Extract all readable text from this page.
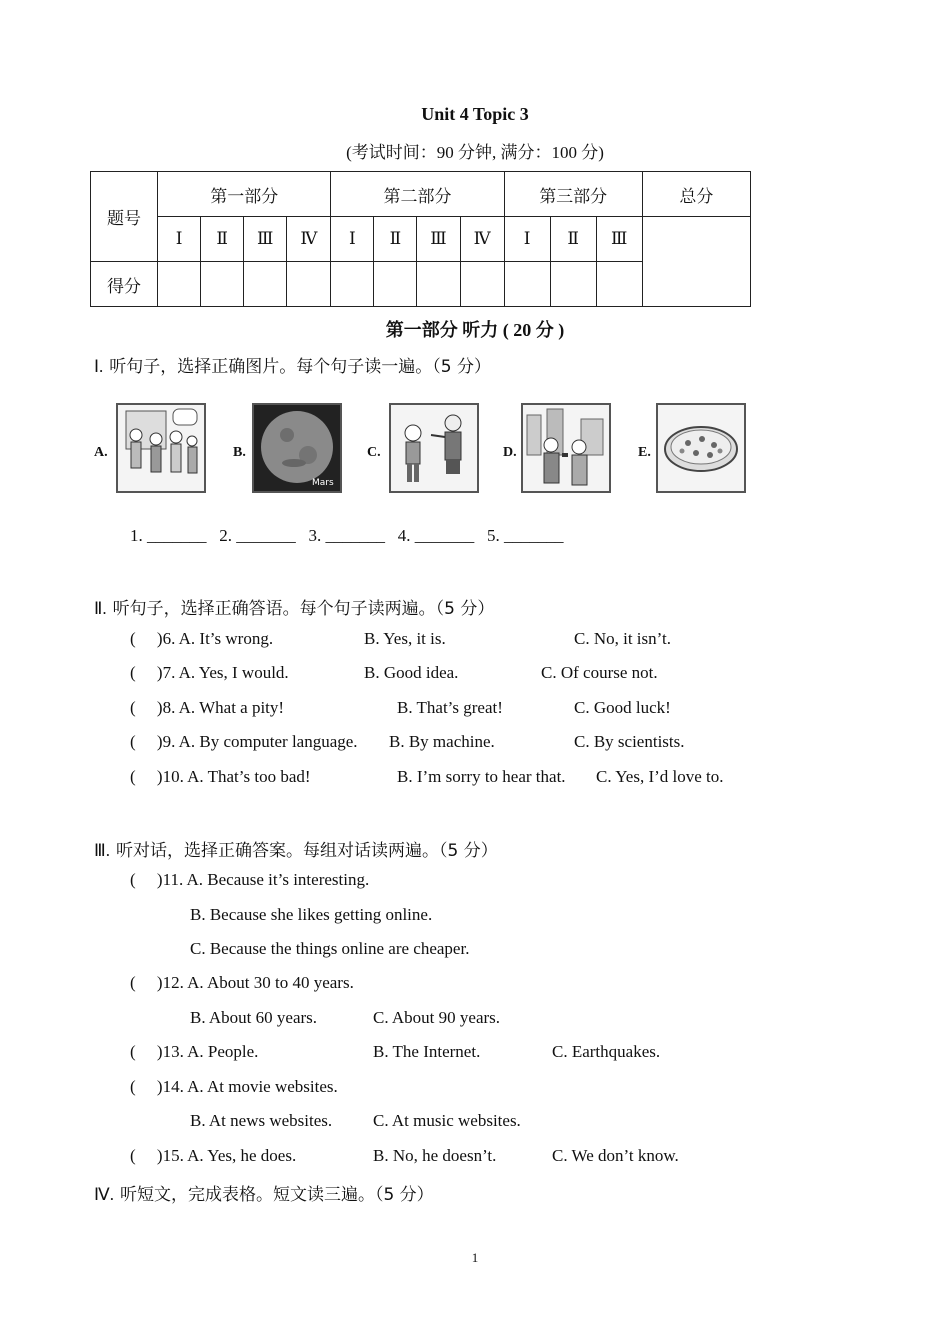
Unit 4 Topic 3
(考试时间：90 分钟, 满分：100 分)
题号	第一部分				第二部分				第三部分			总分
	Ⅰ	Ⅱ	Ⅲ	Ⅳ	Ⅰ	Ⅱ	Ⅲ	Ⅳ	Ⅰ	Ⅱ	Ⅲ	
得分												
第一部分 听力 ( 20 分 )
Ⅰ. 听句子，选择正确图片。每个句子读一遍。（5 分）
A.	B.
Mars
C.	D.	E.
1. _______   2. _______   3. _______   4. _______   5. _______
Ⅱ. 听句子，选择正确答语。每个句子读两遍。（5 分）
(     )6. A. It’s wrong.	B. Yes, it is.	C. No, it isn’t.
(     )7. A. Yes, I would.	B. Good idea.	C. Of course not.
(     )8. A. What a pity!	B. That’s great!	C. Good luck!
(     )9. A. By computer language. B. By machine.	C. By scientists.
(     )10. A. That’s too bad!	B. I’m sorry to hear that. C. Yes, I’d love to.
Ⅲ. 听对话，选择正确答案。每组对话读两遍。（5 分）
(     )11. A. Because it’s interesting.
B. Because she likes getting online.
C. Because the things online are cheaper.
(     )12. A. About 30 to 40 years.
B. About 60 years.	C. About 90 years.
(     )13. A. People.	B. The Internet.	C. Earthquakes.
(     )14. A. At movie websites.
B. At news websites. C. At music websites.
(     )15. A. Yes, he does.	B. No, he doesn’t.	C. We don’t know.
Ⅳ. 听短文，完成表格。短文读三遍。（5 分）
1
